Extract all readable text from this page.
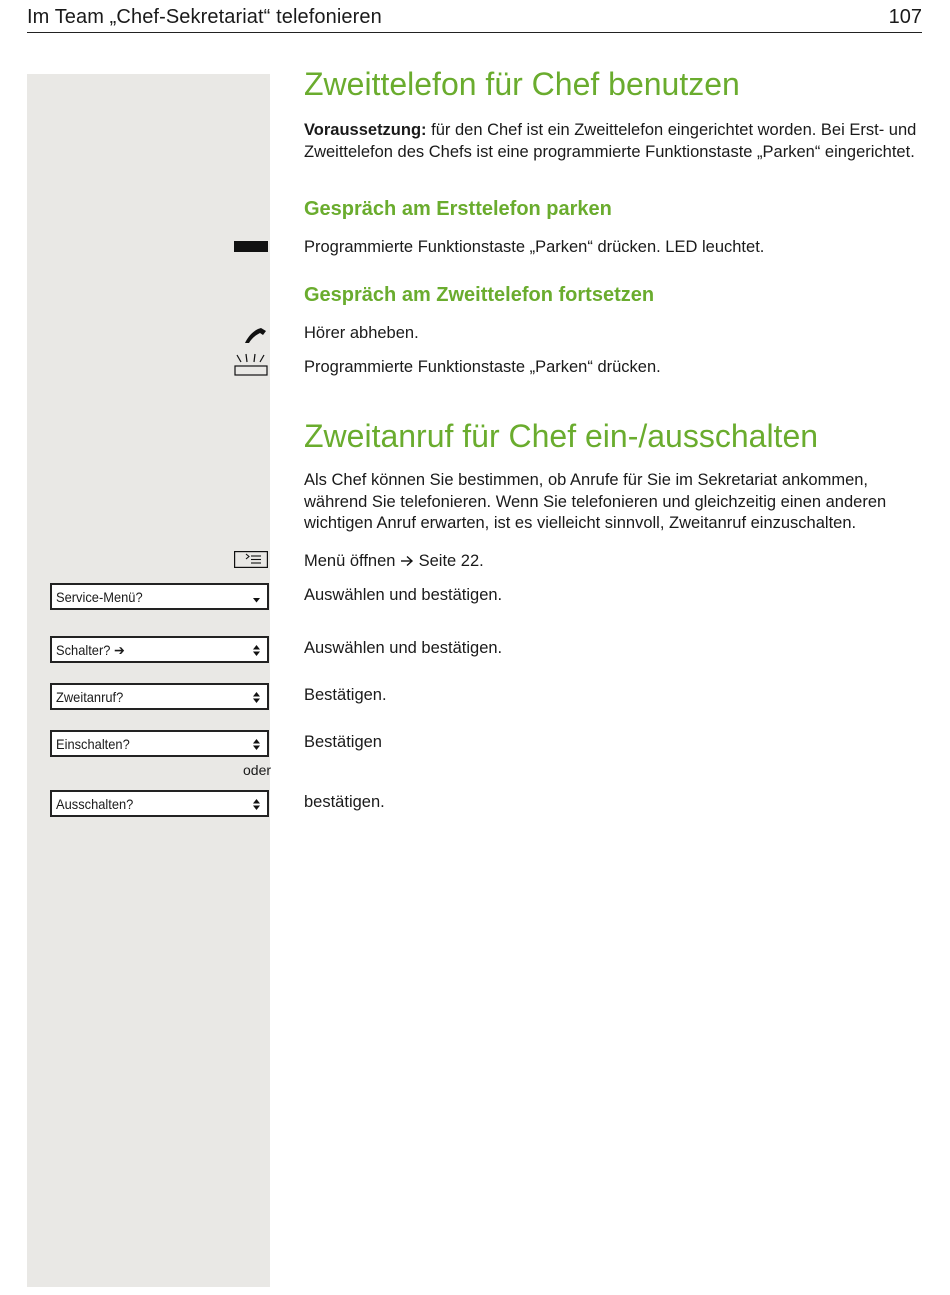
Im Team „Chef-Sekretariat“ telefonieren	107
Zweittelefon für Chef benutzen

Voraussetzung: für den Chef ist ein Zweittelefon eingerichtet worden. Bei Erst- und Zweittelefon des Chefs ist eine programmierte Funktionstaste „Parken“ eingerichtet.

Gespräch am Ersttelefon parken
Programmierte Funktionstaste „Parken“ drücken. LED leuchtet.
Gespräch am Zweittelefon fortsetzen
Hörer abheben.
Programmierte Funktionstaste „Parken“ drücken.
Zweitanruf für Chef ein-/ausschalten

Als Chef können Sie bestimmen, ob Anrufe für Sie im Sekretariat ankommen, während Sie telefonieren. Wenn Sie telefonieren und gleichzeitig einen anderen wichtigen Anruf erwarten, ist es vielleicht sinnvoll, Zweitanruf einzuschalten.

Menü öffnen  Seite 22.
Service-Menü?	Auswählen und bestätigen.
Schalter? ➔	Auswählen und bestätigen.
Zweitanruf?	Bestätigen.
Einschalten?	Bestätigen
oder
Ausschalten?	bestätigen.
